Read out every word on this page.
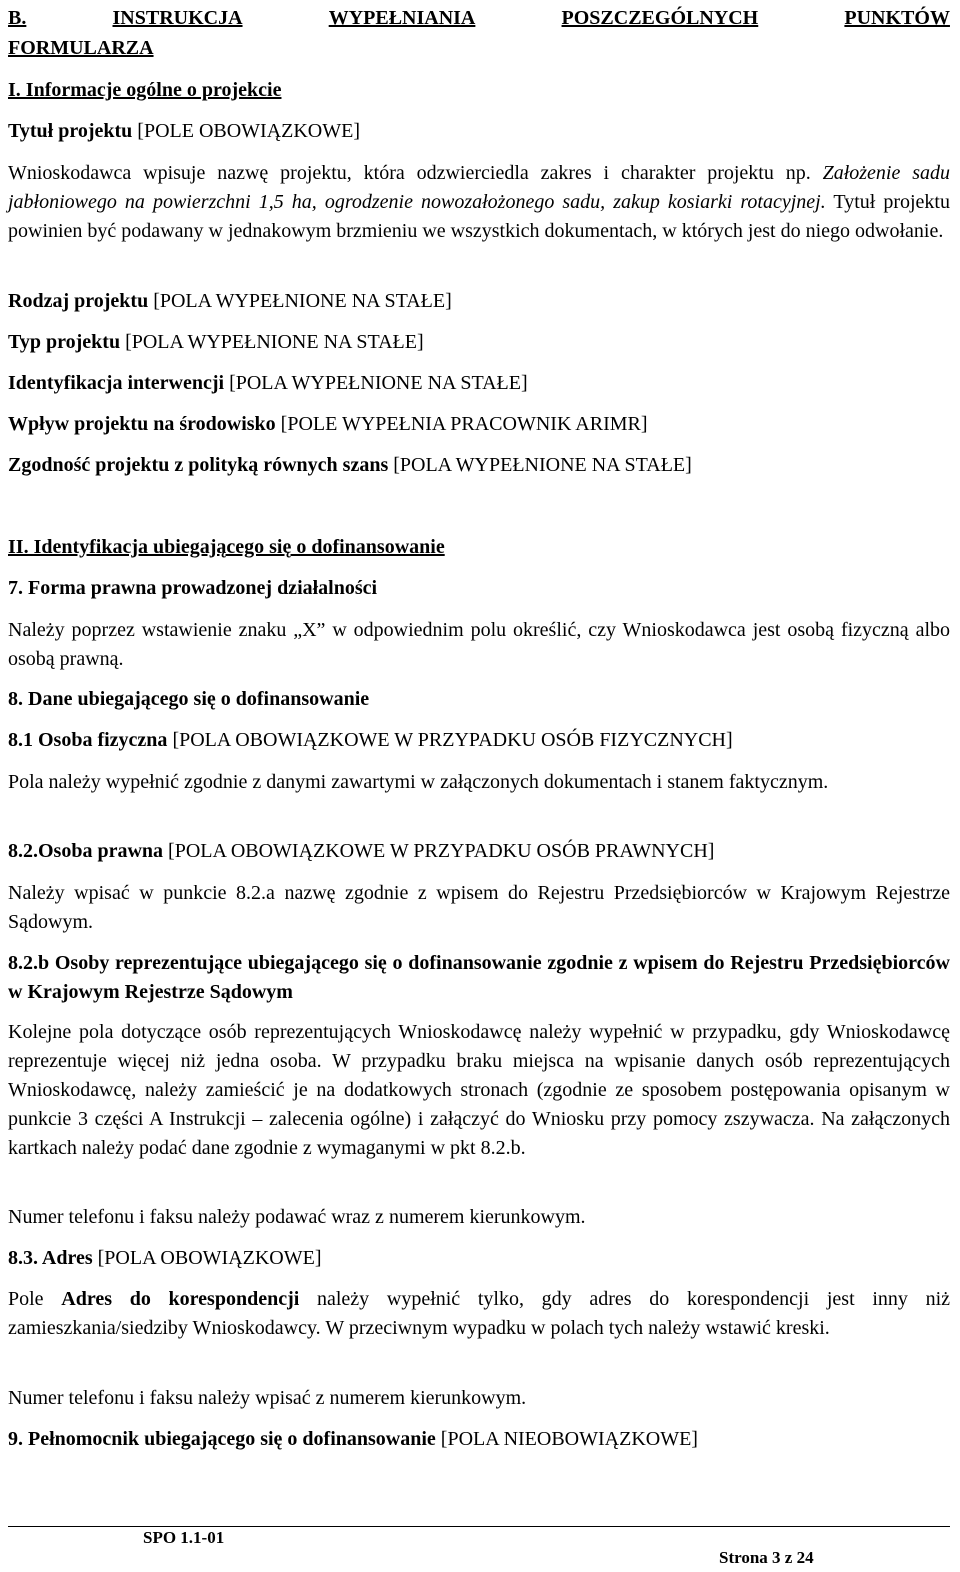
B.	INSTRUKCJA	WYPEŁNIANIA	POSZCZEGÓLNYCH	PUNKTÓW

FORMULARZA

I. Informacje ogólne o projekcie

Tytuł projektu [POLE OBOWIĄZKOWE]

Wnioskodawca wpisuje nazwę projektu, która odzwierciedla zakres i charakter projektu np. Założenie sadu jabłoniowego na powierzchni 1,5 ha, ogrodzenie nowozałożonego sadu, zakup kosiarki rotacyjnej. Tytuł projektu powinien być podawany w jednakowym brzmieniu we wszystkich dokumentach, w których jest do niego odwołanie.

Rodzaj projektu [POLA WYPEŁNIONE NA STAŁE]

Typ projektu [POLA WYPEŁNIONE NA STAŁE]

Identyfikacja interwencji [POLA WYPEŁNIONE NA STAŁE]

Wpływ projektu na środowisko [POLE WYPEŁNIA PRACOWNIK ARIMR]

Zgodność projektu z polityką równych szans [POLA WYPEŁNIONE NA STAŁE]

II. Identyfikacja ubiegającego się o dofinansowanie

7. Forma prawna prowadzonej działalności

Należy poprzez wstawienie znaku „X” w odpowiednim polu określić, czy Wnioskodawca jest osobą fizyczną albo osobą prawną.

8. Dane ubiegającego się o dofinansowanie

8.1 Osoba fizyczna [POLA OBOWIĄZKOWE W PRZYPADKU OSÓB FIZYCZNYCH]

Pola należy wypełnić zgodnie z danymi zawartymi w załączonych dokumentach i stanem faktycznym.

8.2.Osoba prawna [POLA OBOWIĄZKOWE W PRZYPADKU OSÓB PRAWNYCH]

Należy wpisać w punkcie 8.2.a nazwę zgodnie z wpisem do Rejestru Przedsiębiorców w Krajowym Rejestrze Sądowym.

8.2.b Osoby reprezentujące ubiegającego się o dofinansowanie zgodnie z wpisem do Rejestru Przedsiębiorców w Krajowym Rejestrze Sądowym

Kolejne pola dotyczące osób reprezentujących Wnioskodawcę należy wypełnić w przypadku, gdy Wnioskodawcę reprezentuje więcej niż jedna osoba. W przypadku braku miejsca na wpisanie danych osób reprezentujących Wnioskodawcę, należy zamieścić je na dodatkowych stronach (zgodnie ze sposobem postępowania opisanym w punkcie 3 części A Instrukcji – zalecenia ogólne) i załączyć do Wniosku przy pomocy zszywacza. Na załączonych kartkach należy podać dane zgodnie z wymaganymi w pkt 8.2.b.

Numer telefonu i faksu należy podawać wraz z numerem kierunkowym.

8.3. Adres [POLA OBOWIĄZKOWE]

Pole Adres do korespondencji należy wypełnić tylko, gdy adres do korespondencji jest inny niż zamieszkania/siedziby Wnioskodawcy. W przeciwnym wypadku w polach tych należy wstawić kreski.

Numer telefonu i faksu należy wpisać z numerem kierunkowym.

9. Pełnomocnik ubiegającego się o dofinansowanie [POLA NIEOBOWIĄZKOWE]

SPO 1.1-01
Strona 3 z 24
